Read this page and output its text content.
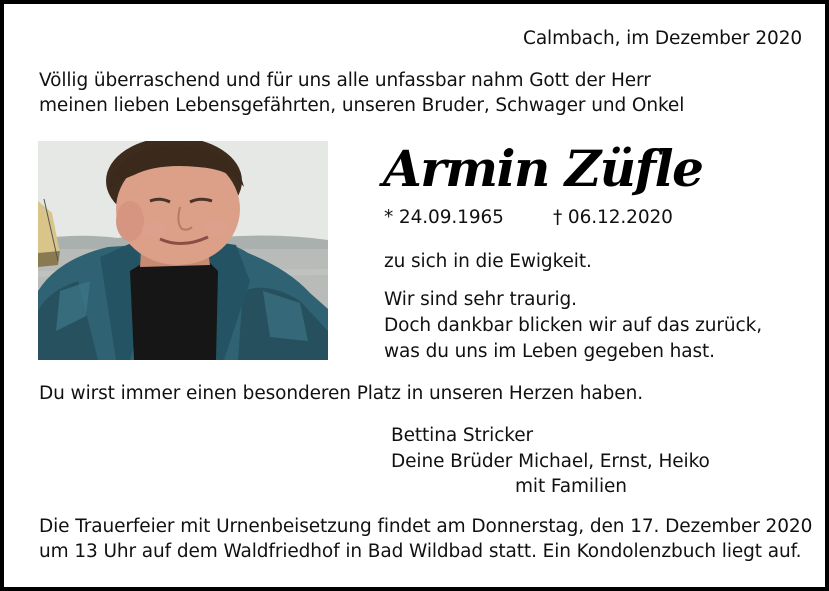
Calmbach, im Dezember 2020
Völlig überraschend und für uns alle unfassbar nahm Gott der Herr
meinen lieben Lebensgefährten, unseren Bruder, Schwager und Onkel
Armin Züfle
* 24.09.1965	† 06.12.2020
zu sich in die Ewigkeit.
Wir sind sehr traurig.
Doch dankbar blicken wir auf das zurück,
was du uns im Leben gegeben hast.
Du wirst immer einen besonderen Platz in unseren Herzen haben.
Bettina Stricker
Deine Brüder Michael, Ernst, Heiko
mit Familien
Die Trauerfeier mit Urnenbeisetzung findet am Donnerstag, den 17. Dezember 2020
um 13 Uhr auf dem Waldfriedhof in Bad Wildbad statt. Ein Kondolenzbuch liegt auf.
